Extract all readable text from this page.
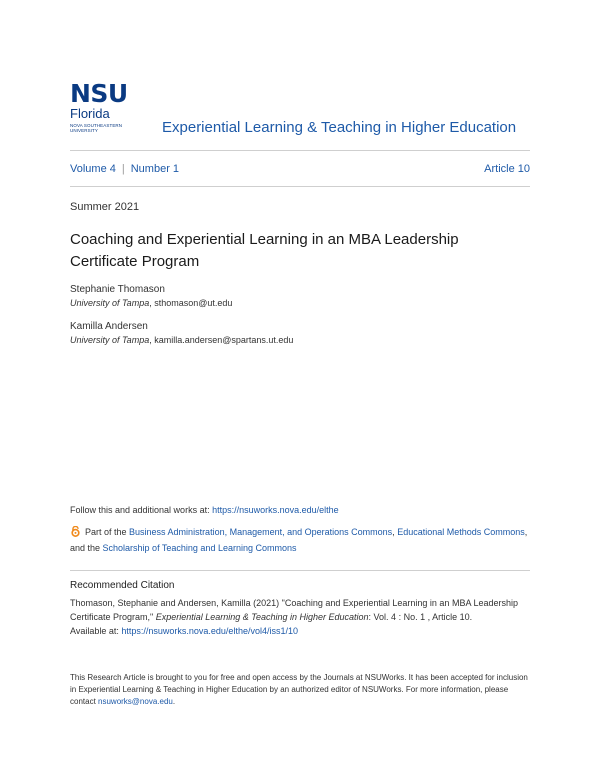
NSU
Florida
NOVA SOUTHEASTERN UNIVERSITY	Experiential Learning & Teaching in Higher Education
Volume 4 | Number 1	Article 10
Summer 2021
Coaching and Experiential Learning in an MBA Leadership Certificate Program
Stephanie Thomason
University of Tampa, sthomason@ut.edu
Kamilla Andersen
University of Tampa, kamilla.andersen@spartans.ut.edu
Follow this and additional works at: https://nsuworks.nova.edu/elthe
Part of the Business Administration, Management, and Operations Commons, Educational Methods Commons, and the Scholarship of Teaching and Learning Commons
Recommended Citation
Thomason, Stephanie and Andersen, Kamilla (2021) "Coaching and Experiential Learning in an MBA Leadership Certificate Program," Experiential Learning & Teaching in Higher Education: Vol. 4 : No. 1 , Article 10.
Available at: https://nsuworks.nova.edu/elthe/vol4/iss1/10
This Research Article is brought to you for free and open access by the Journals at NSUWorks. It has been accepted for inclusion in Experiential Learning & Teaching in Higher Education by an authorized editor of NSUWorks. For more information, please contact nsuworks@nova.edu.
